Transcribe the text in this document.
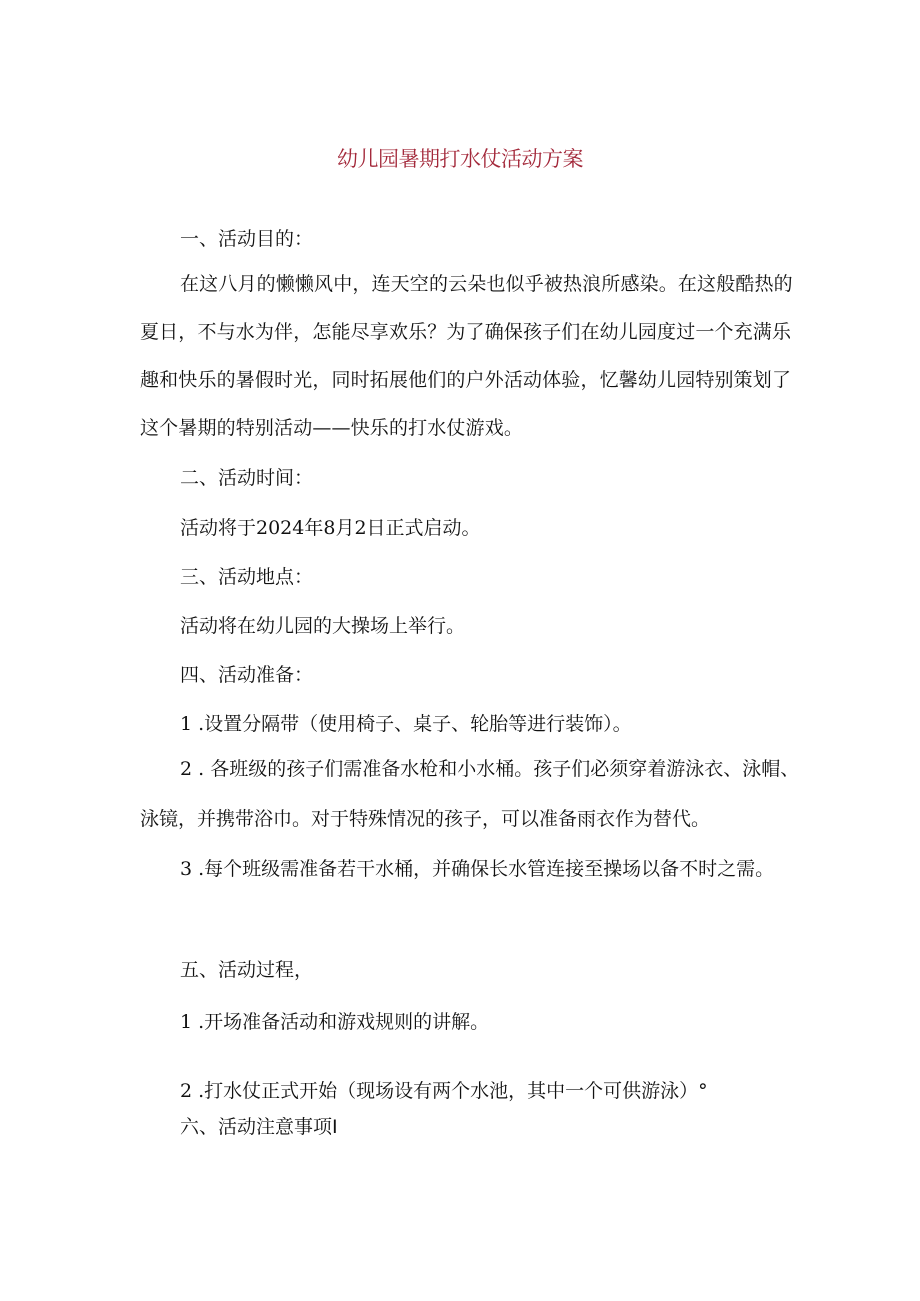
幼儿园暑期打水仗活动方案
一、活动目的：
在这八月的懒懒风中，连天空的云朵也似乎被热浪所感染。在这般酷热的夏日，不与水为伴，怎能尽享欢乐？为了确保孩子们在幼儿园度过一个充满乐趣和快乐的暑假时光，同时拓展他们的户外活动体验，忆馨幼儿园特别策划了这个暑期的特别活动——快乐的打水仗游戏。
二、活动时间：
活动将于2024年8月2日正式启动。
三、活动地点：
活动将在幼儿园的大操场上举行。
四、活动准备：
1 .设置分隔带（使用椅子、桌子、轮胎等进行装饰）。
2 . 各班级的孩子们需准备水枪和小水桶。孩子们必须穿着游泳衣、泳帽、泳镜，并携带浴巾。对于特殊情况的孩子，可以准备雨衣作为替代。
3 .每个班级需准备若干水桶，并确保长水管连接至操场以备不时之需。
五、活动过程，
1 .开场准备活动和游戏规则的讲解。
2 .打水仗正式开始（现场设有两个水池，其中一个可供游泳）°
六、活动注意事项I
